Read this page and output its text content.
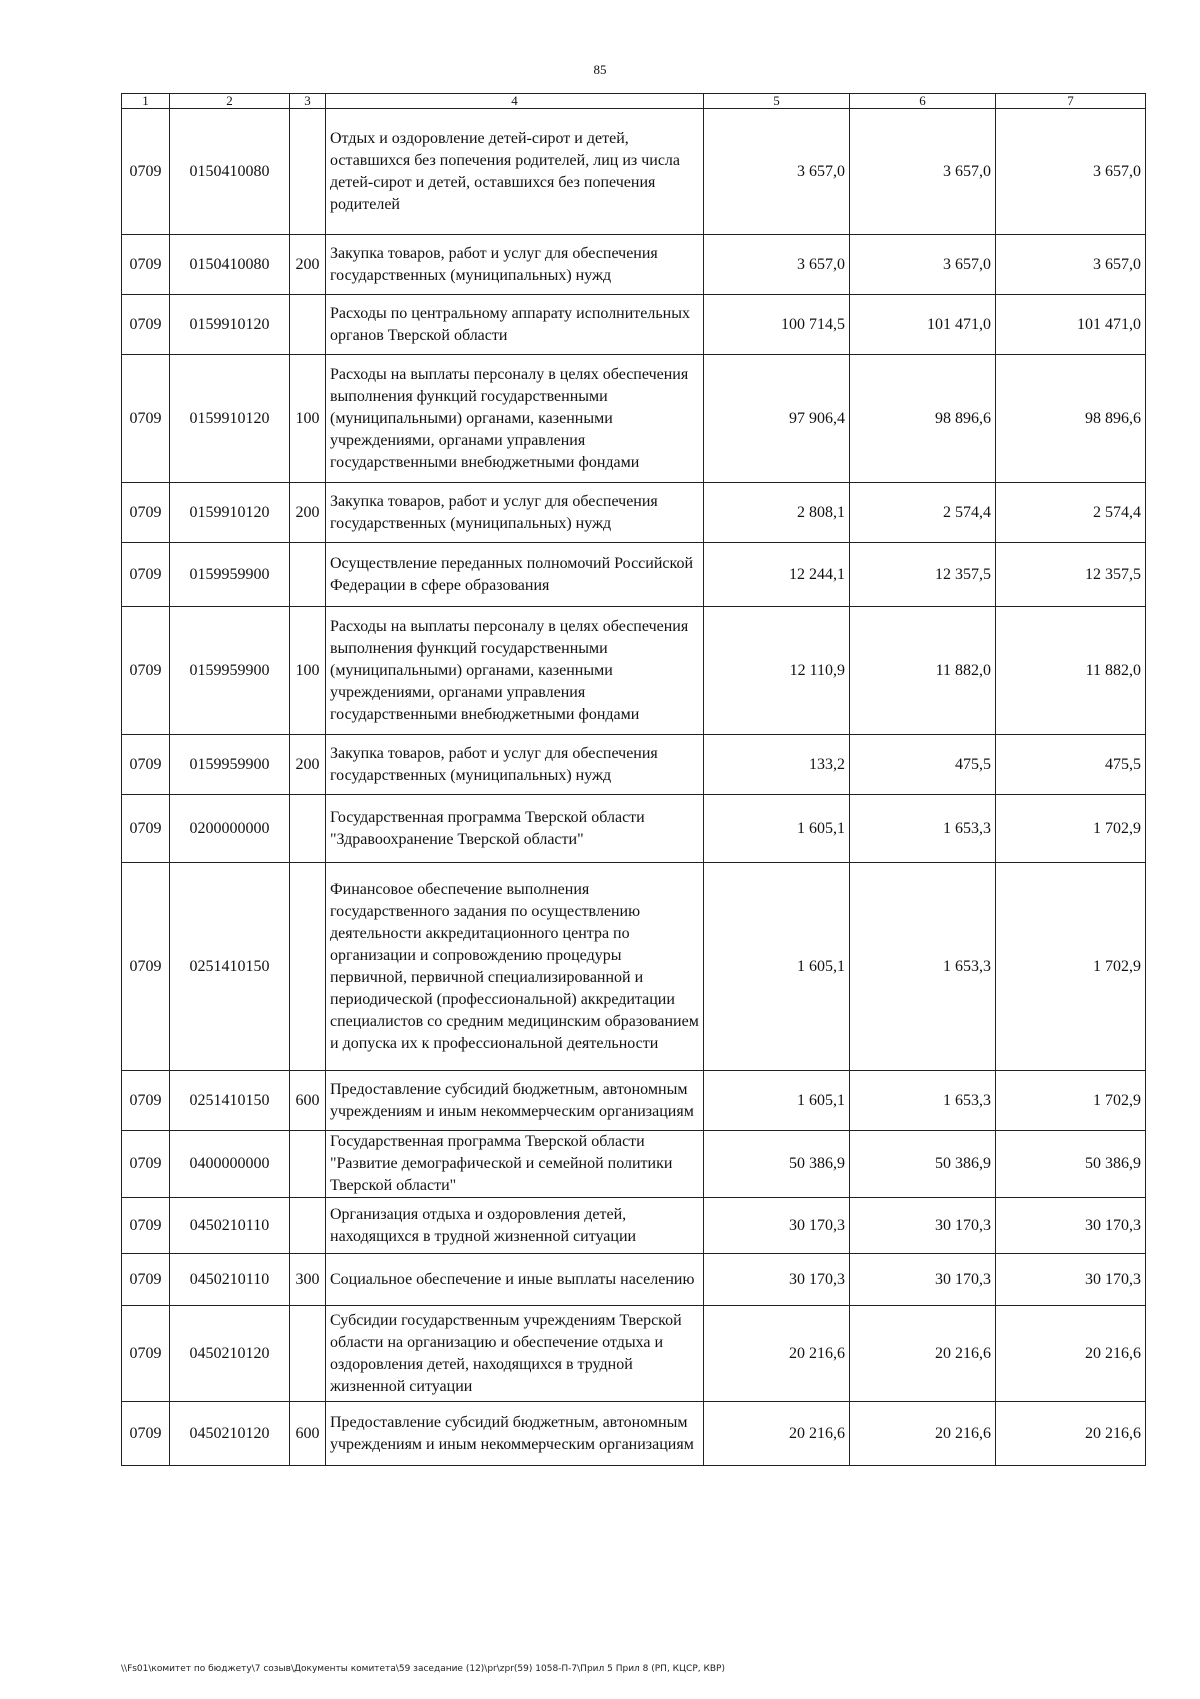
85
1	2	3	4	5	6	7
0709	0150410080		Отдых и оздоровление детей-сирот и детей, оставшихся без попечения родителей, лиц из числа детей-сирот и детей, оставшихся без попечения родителей	3 657,0	3 657,0	3 657,0
0709	0150410080	200	Закупка товаров, работ и услуг для обеспечения государственных (муниципальных) нужд	3 657,0	3 657,0	3 657,0
0709	0159910120		Расходы по центральному аппарату исполнительных органов Тверской области	100 714,5	101 471,0	101 471,0
0709	0159910120	100	Расходы на выплаты персоналу в целях обеспечения выполнения функций государственными (муниципальными) органами, казенными учреждениями, органами управления государственными внебюджетными фондами	97 906,4	98 896,6	98 896,6
0709	0159910120	200	Закупка товаров, работ и услуг для обеспечения государственных (муниципальных) нужд	2 808,1	2 574,4	2 574,4
0709	0159959900		Осуществление переданных полномочий Российской Федерации в сфере образования	12 244,1	12 357,5	12 357,5
0709	0159959900	100	Расходы на выплаты персоналу в целях обеспечения выполнения функций государственными (муниципальными) органами, казенными учреждениями, органами управления государственными внебюджетными фондами	12 110,9	11 882,0	11 882,0
0709	0159959900	200	Закупка товаров, работ и услуг для обеспечения государственных (муниципальных) нужд	133,2	475,5	475,5
0709	0200000000		Государственная программа Тверской области "Здравоохранение Тверской области"	1 605,1	1 653,3	1 702,9
0709	0251410150		Финансовое обеспечение выполнения государственного задания по осуществлению деятельности аккредитационного центра по организации и сопровождению процедуры первичной, первичной специализированной и периодической (профессиональной) аккредитации специалистов со средним медицинским образованием и допуска их к профессиональной деятельности	1 605,1	1 653,3	1 702,9
0709	0251410150	600	Предоставление субсидий бюджетным, автономным учреждениям и иным некоммерческим организациям	1 605,1	1 653,3	1 702,9
0709	0400000000		Государственная программа Тверской области "Развитие демографической и семейной политики Тверской области"	50 386,9	50 386,9	50 386,9
0709	0450210110		Организация отдыха и оздоровления детей, находящихся в трудной жизненной ситуации	30 170,3	30 170,3	30 170,3
0709	0450210110	300	Социальное обеспечение и иные выплаты населению	30 170,3	30 170,3	30 170,3
0709	0450210120		Субсидии государственным учреждениям Тверской области на организацию и обеспечение отдыха и оздоровления детей, находящихся в трудной жизненной ситуации	20 216,6	20 216,6	20 216,6
0709	0450210120	600	Предоставление субсидий бюджетным, автономным учреждениям и иным некоммерческим организациям	20 216,6	20 216,6	20 216,6
\\Fs01\комитет по бюджету\7 созыв\Документы комитета\59 заседание (12)\pr\zpr(59) 1058-П-7\Прил 5 Прил 8 (РП, КЦСР, КВР)
